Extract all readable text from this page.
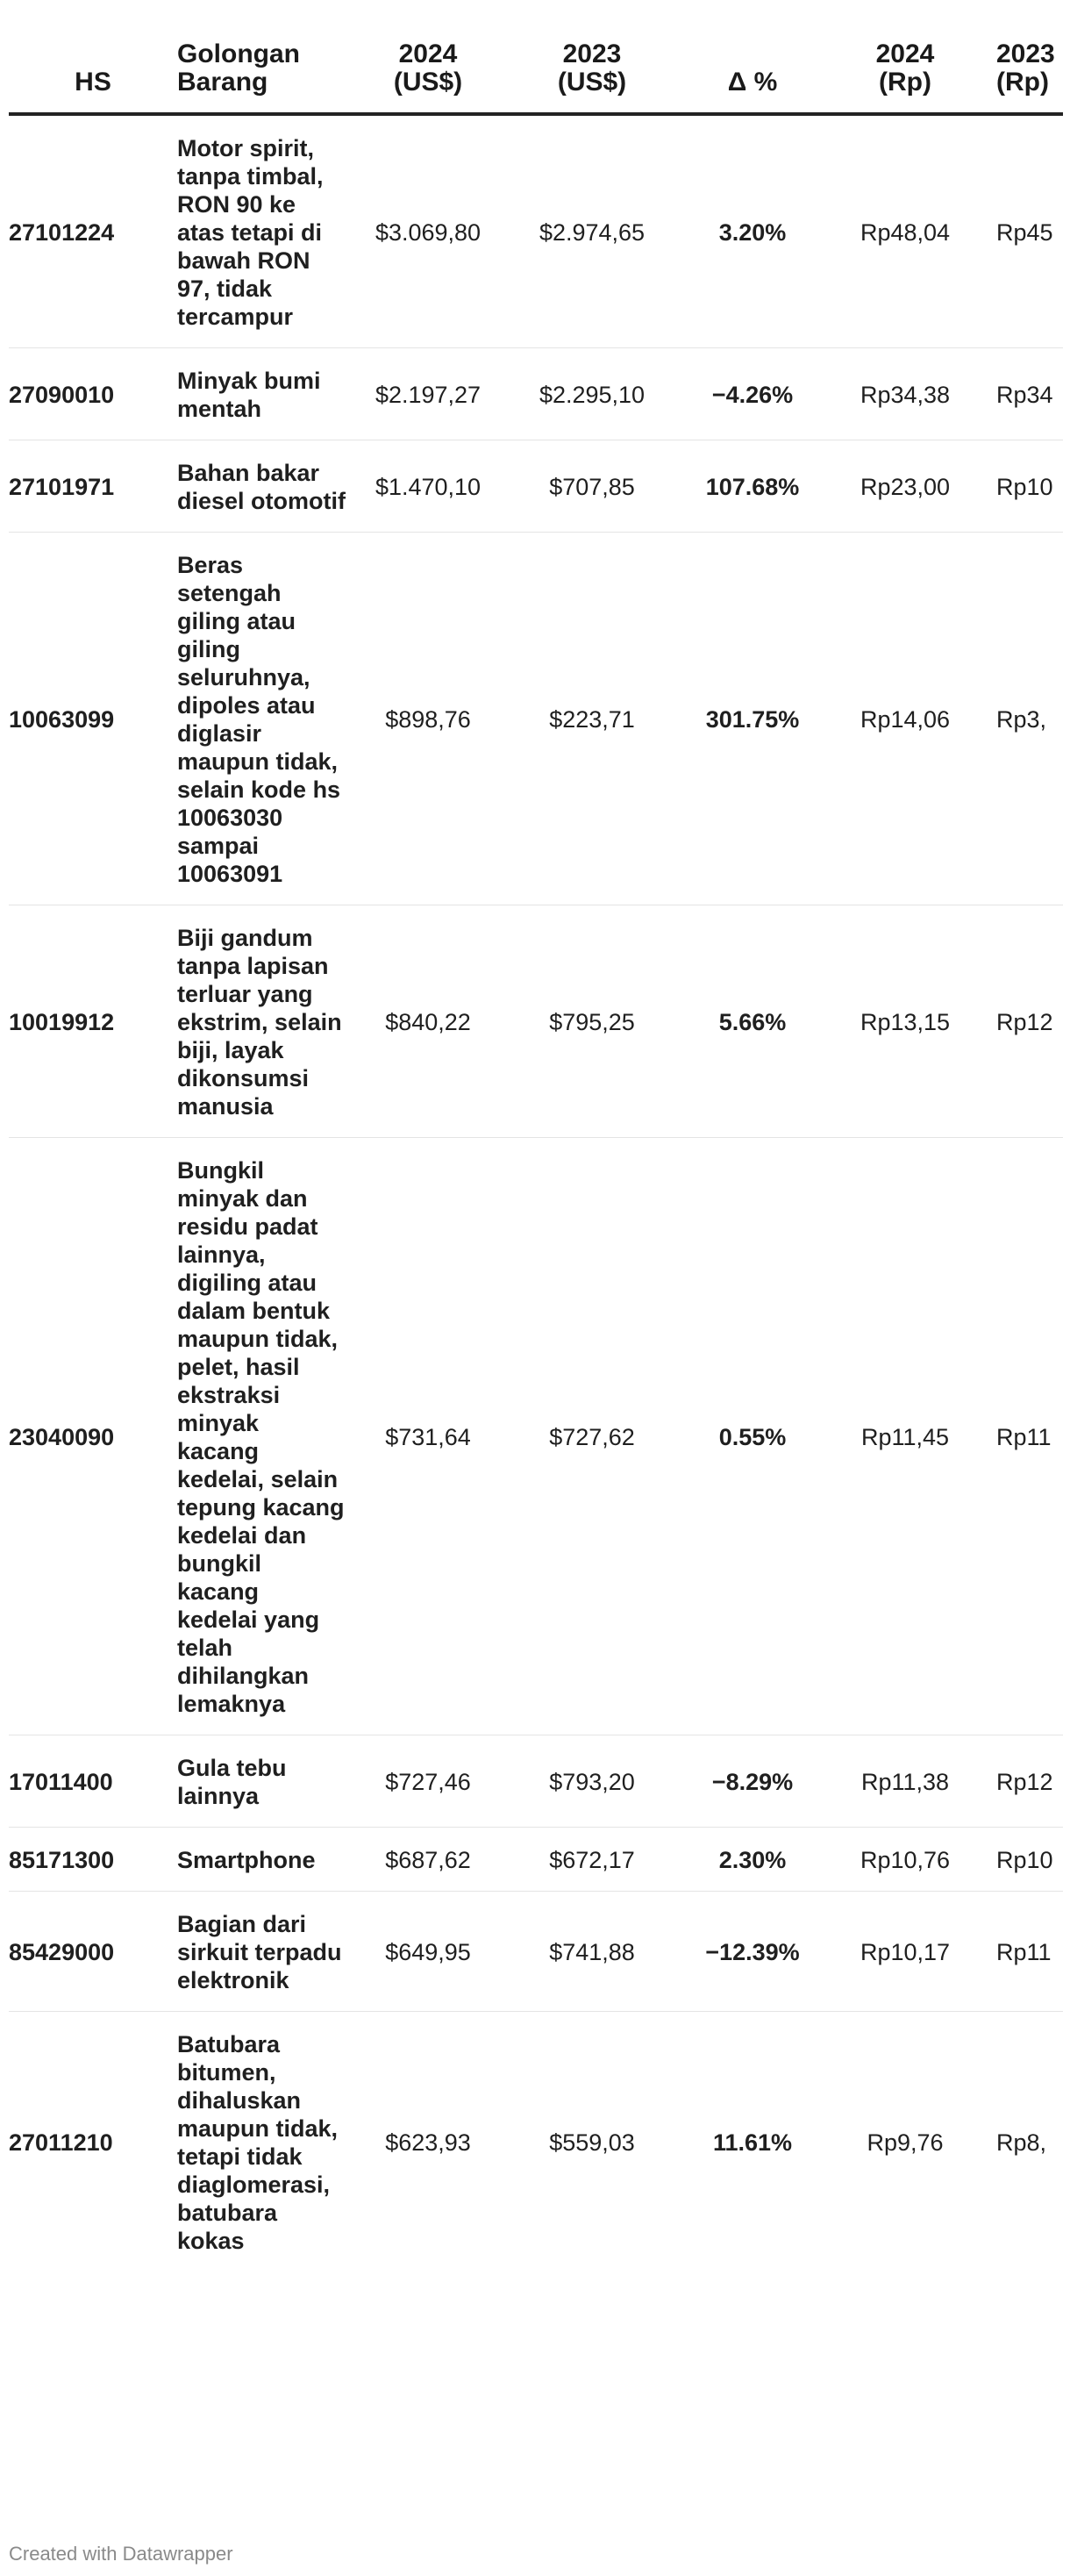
HS	Golongan Barang	2024 (US$)	2023 (US$)	Δ %	2024 (Rp)	2023 (Rp)
27101224	Motor spirit, tanpa timbal, RON 90 ke atas tetapi di bawah RON 97, tidak tercampur	$3.069,80	$2.974,65	3.20%	Rp48,04	Rp45
27090010	Minyak bumi mentah	$2.197,27	$2.295,10	−4.26%	Rp34,38	Rp34
27101971	Bahan bakar diesel otomotif	$1.470,10	$707,85	107.68%	Rp23,00	Rp10
10063099	Beras setengah giling atau giling seluruhnya, dipoles atau diglasir maupun tidak, selain kode hs 10063030 sampai 10063091	$898,76	$223,71	301.75%	Rp14,06	Rp3,
10019912	Biji gandum tanpa lapisan terluar yang ekstrim, selain biji, layak dikonsumsi manusia	$840,22	$795,25	5.66%	Rp13,15	Rp12
23040090	Bungkil minyak dan residu padat lainnya, digiling atau dalam bentuk maupun tidak, pelet, hasil ekstraksi minyak kacang kedelai, selain tepung kacang kedelai dan bungkil kacang kedelai yang telah dihilangkan lemaknya	$731,64	$727,62	0.55%	Rp11,45	Rp11
17011400	Gula tebu lainnya	$727,46	$793,20	−8.29%	Rp11,38	Rp12
85171300	Smartphone	$687,62	$672,17	2.30%	Rp10,76	Rp10
85429000	Bagian dari sirkuit terpadu elektronik	$649,95	$741,88	−12.39%	Rp10,17	Rp11
27011210	Batubara bitumen, dihaluskan maupun tidak, tetapi tidak diaglomerasi, batubara kokas	$623,93	$559,03	11.61%	Rp9,76	Rp8,
Created with Datawrapper
